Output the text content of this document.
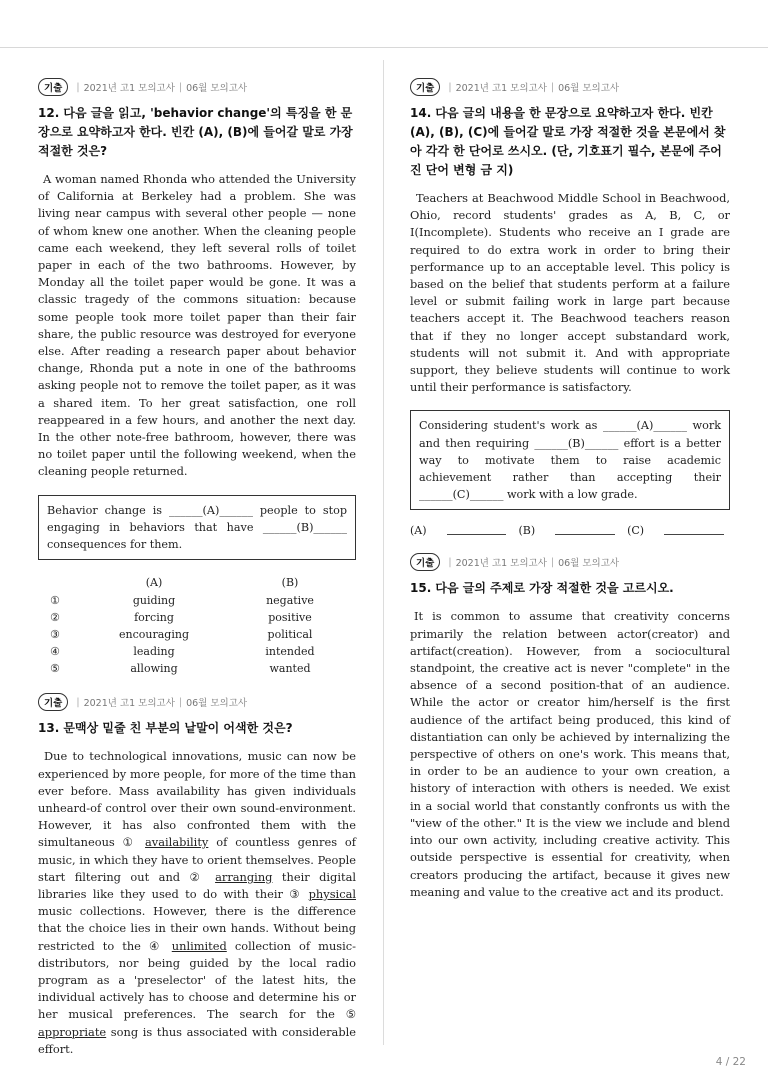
기출	| 2021년 고1 모의고사 | 06월 모의고사

12. 다음 글을 읽고, 'behavior change'의 특징을 한 문장으로 요약하고자 한다. 빈칸 (A), (B)에 들어갈 말로 가장 적절한 것은?

A woman named Rhonda who attended the University of California at Berkeley had a problem. She was living near campus with several other people — none of whom knew one another. When the cleaning people came each weekend, they left several rolls of toilet paper in each of the two bathrooms. However, by Monday all the toilet paper would be gone. It was a classic tragedy of the commons situation: because some people took more toilet paper than their fair share, the public resource was destroyed for everyone else. After reading a research paper about behavior change, Rhonda put a note in one of the bathrooms asking people not to remove the toilet paper, as it was a shared item. To her great satisfaction, one roll reappeared in a few hours, and another the next day. In the other note-free bathroom, however, there was no toilet paper until the following weekend, when the cleaning people returned.

Behavior change is ______(A)______ people to stop engaging in behaviors that have ______(B)______ consequences for them.
	(A)	(B)
①	guiding	negative
②	forcing	positive
③	encouraging	political
④	leading	intended
⑤	allowing	wanted
기출	| 2021년 고1 모의고사 | 06월 모의고사

13. 문맥상 밑줄 친 부분의 낱말이 어색한 것은?

Due to technological innovations, music can now be experienced by more people, for more of the time than ever before. Mass availability has given individuals unheard-of control over their own sound-environment. However, it has also confronted them with the simultaneous ① availability of countless genres of music, in which they have to orient themselves. People start filtering out and ② arranging their digital libraries like they used to do with their ③ physical music collections. However, there is the difference that the choice lies in their own hands. Without being restricted to the ④ unlimited collection of music-distributors, nor being guided by the local radio program as a 'preselector' of the latest hits, the individual actively has to choose and determine his or her musical preferences. The search for the ⑤ appropriate song is thus associated with considerable effort.

기출	| 2021년 고1 모의고사 | 06월 모의고사

14. 다음 글의 내용을 한 문장으로 요약하고자 한다. 빈칸 (A), (B), (C)에 들어갈 말로 가장 적절한 것을 본문에서 찾아 각각 한 단어로 쓰시오. (단, 기호표기 필수, 본문에 주어진 단어 변형 금 지)

Teachers at Beachwood Middle School in Beachwood, Ohio, record students' grades as A, B, C, or I(Incomplete). Students who receive an I grade are required to do extra work in order to bring their performance up to an acceptable level. This policy is based on the belief that students perform at a failure level or submit failing work in large part because teachers accept it. The Beachwood teachers reason that if they no longer accept substandard work, students will not submit it. And with appropriate support, they believe students will continue to work until their performance is satisfactory.

Considering student's work as ______(A)______ work and then requiring ______(B)______ effort is a better way to motivate them to raise academic achievement rather than accepting their ______(C)______ work with a low grade.
(A)	(B)	(C)
기출	| 2021년 고1 모의고사 | 06월 모의고사

15. 다음 글의 주제로 가장 적절한 것을 고르시오.

It is common to assume that creativity concerns primarily the relation between actor(creator) and artifact(creation). However, from a sociocultural standpoint, the creative act is never "complete" in the absence of a second position-that of an audience. While the actor or creator him/herself is the first audience of the artifact being produced, this kind of distantiation can only be achieved by internalizing the perspective of others on one's work. This means that, in order to be an audience to your own creation, a history of interaction with others is needed. We exist in a social world that constantly confronts us with the "view of the other." It is the view we include and blend into our own activity, including creative activity. This outside perspective is essential for creativity, when creators producing the artifact, because it gives new meaning and value to the creative act and its product.

4 / 22
